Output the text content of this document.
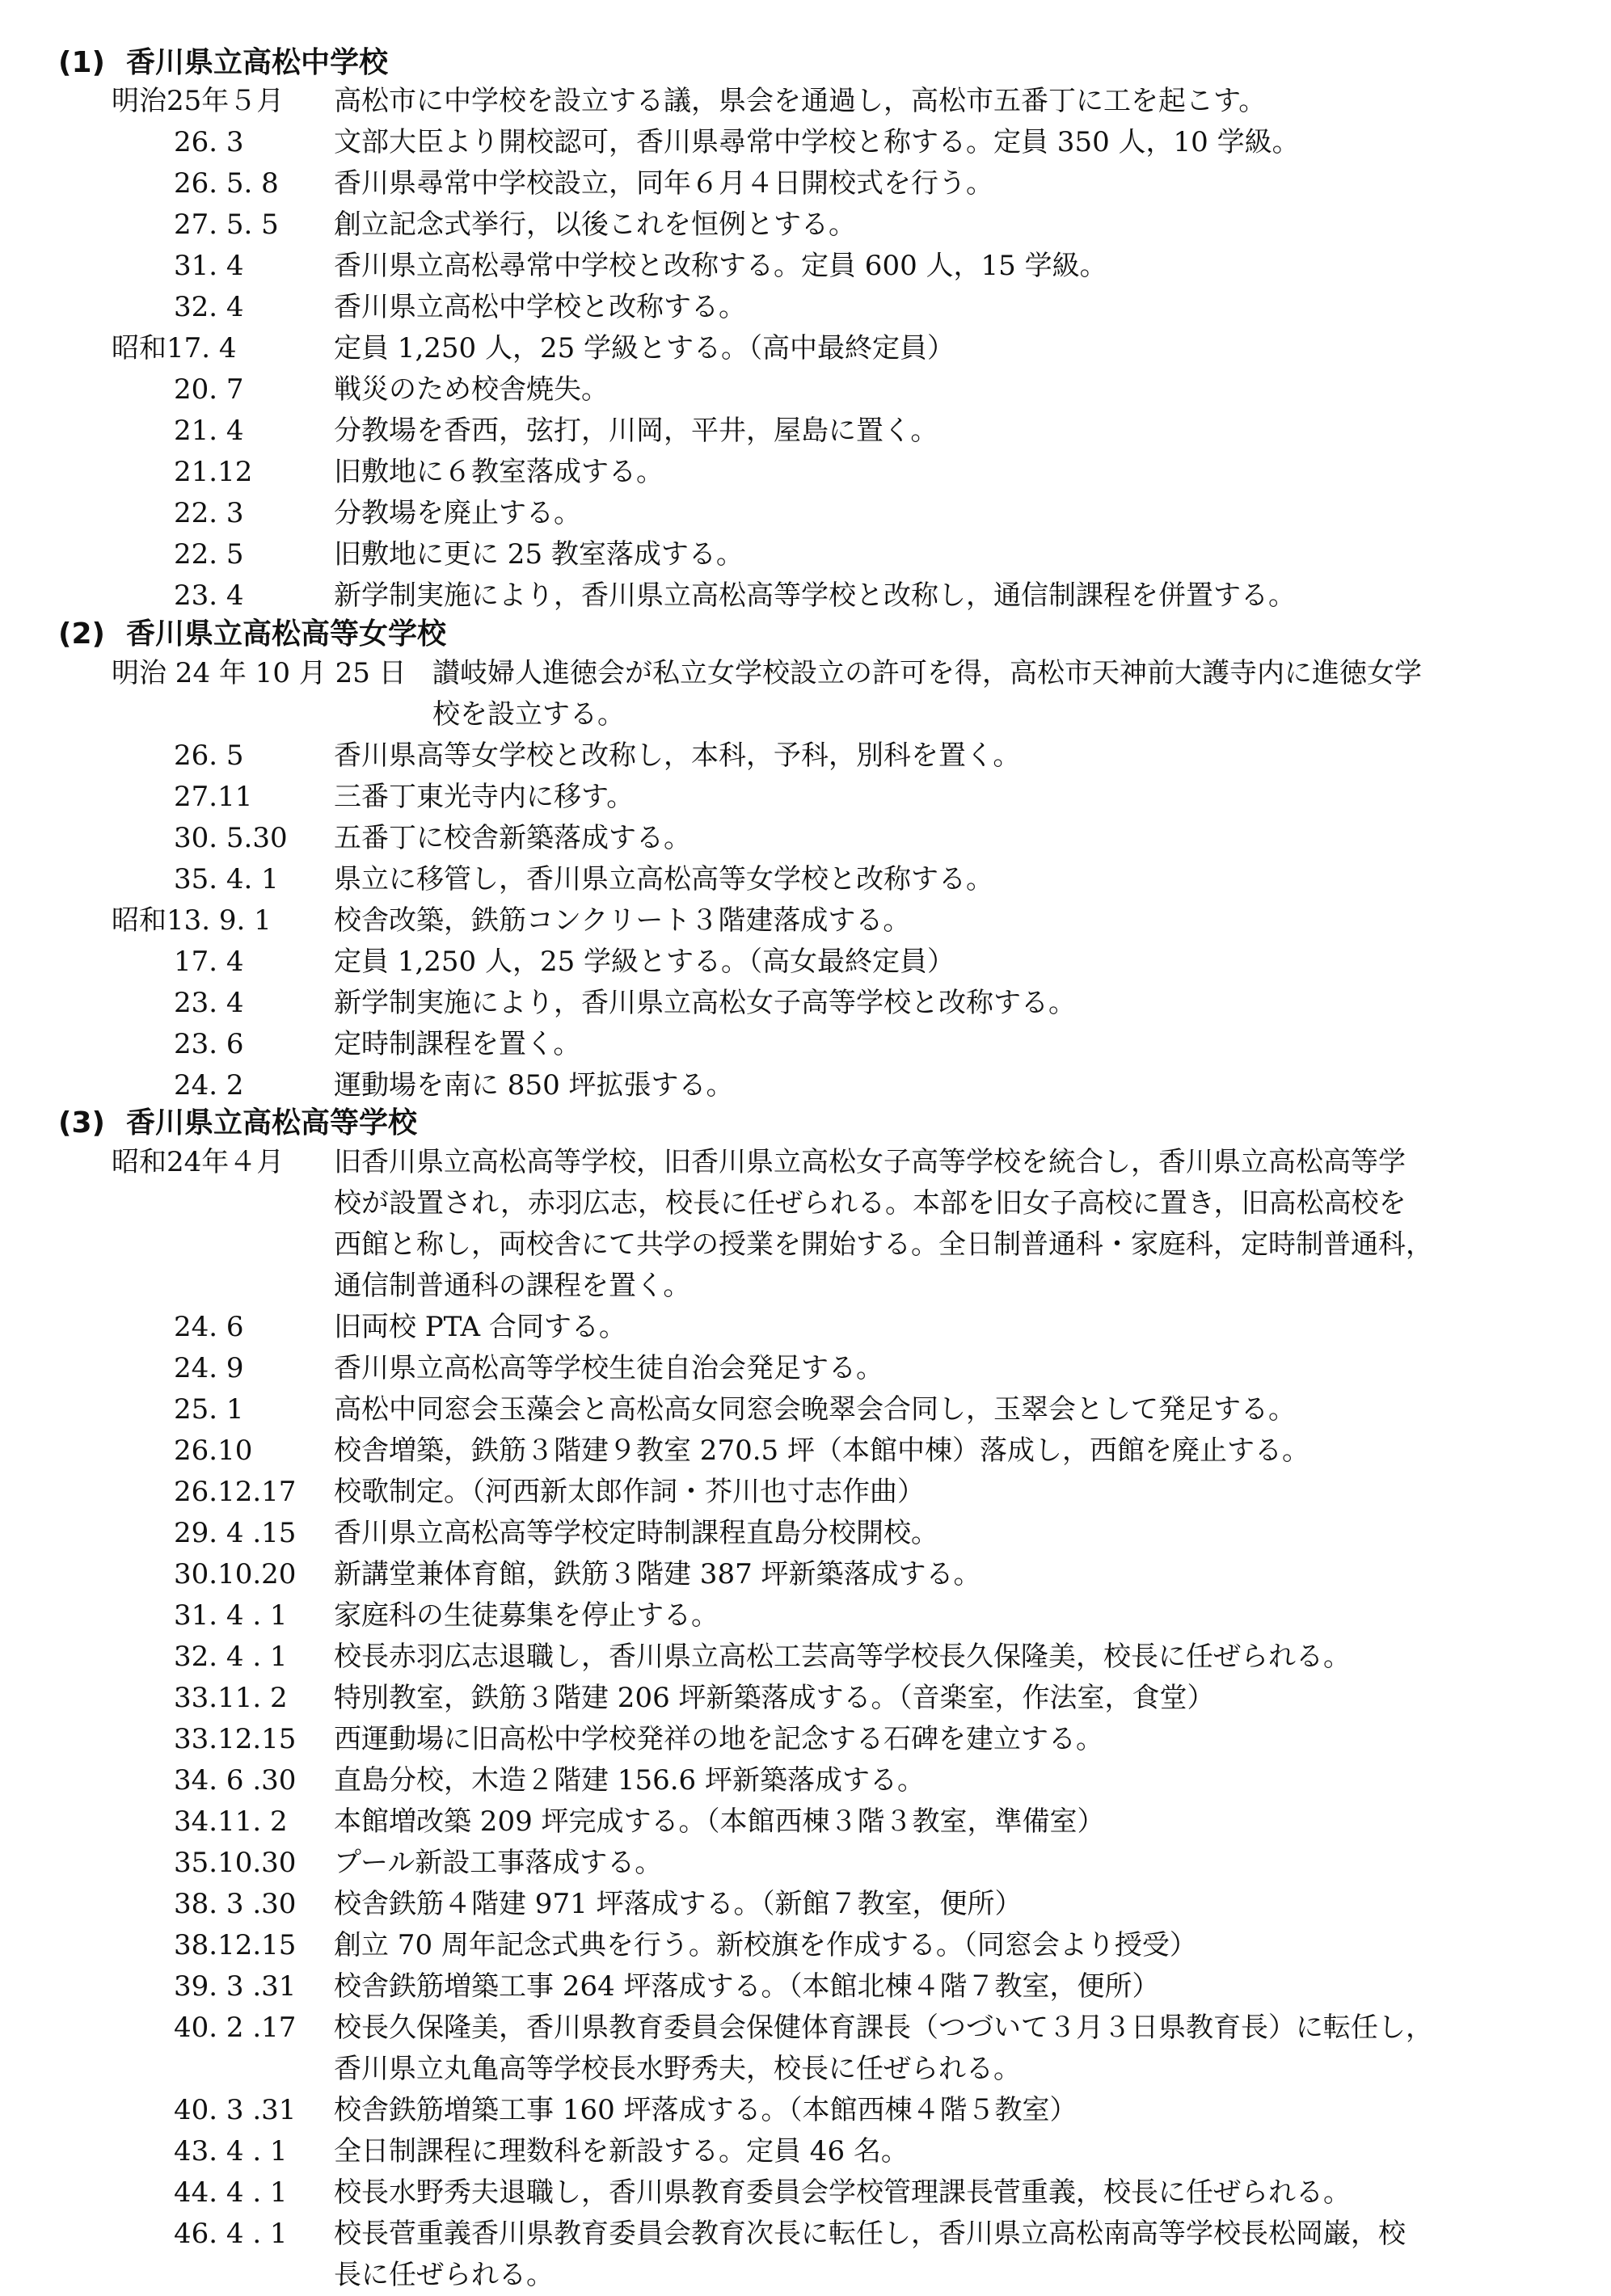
(1) 香川県立高松中学校
明治25年５月 高松市に中学校を設立する議，県会を通過し，高松市五番丁に工を起こす。
26. 3	文部大臣より開校認可，香川県尋常中学校と称する。定員 350 人，10 学級。
26. 5. 8 香川県尋常中学校設立，同年６月４日開校式を行う。
27. 5. 5 創立記念式挙行，以後これを恒例とする。
31. 4	香川県立高松尋常中学校と改称する。定員 600 人，15 学級。
32. 4	香川県立高松中学校と改称する。
昭和17. 4	定員 1,250 人，25 学級とする。（高中最終定員）
20. 7	戦災のため校舎焼失。
21. 4	分教場を香西，弦打，川岡，平井，屋島に置く。
21.12	旧敷地に６教室落成する。
22. 3	分教場を廃止する。
22. 5	旧敷地に更に 25 教室落成する。
23. 4	新学制実施により，香川県立高松高等学校と改称し，通信制課程を併置する。
(2) 香川県立高松高等女学校
明治 24 年 10 月 25 日 讃岐婦人進徳会が私立女学校設立の許可を得，高松市天神前大護寺内に進徳女学
校を設立する。
26. 5	香川県高等女学校と改称し，本科，予科，別科を置く。
27.11	三番丁東光寺内に移す。
30. 5.30 五番丁に校舎新築落成する。
35. 4. 1 県立に移管し，香川県立高松高等女学校と改称する。
昭和13. 9. 1 校舎改築，鉄筋コンクリート３階建落成する。
17. 4	定員 1,250 人，25 学級とする。（高女最終定員）
23. 4	新学制実施により，香川県立高松女子高等学校と改称する。
23. 6	定時制課程を置く。
24. 2	運動場を南に 850 坪拡張する。
(3) 香川県立高松高等学校
昭和24年４月 旧香川県立高松高等学校，旧香川県立高松女子高等学校を統合し，香川県立高松高等学
校が設置され，赤羽広志，校長に任ぜられる。本部を旧女子高校に置き，旧高松高校を
西館と称し，両校舎にて共学の授業を開始する。全日制普通科・家庭科，定時制普通科，
通信制普通科の課程を置く。
24. 6	旧両校 PTA 合同する。
24. 9	香川県立高松高等学校生徒自治会発足する。
25. 1	高松中同窓会玉藻会と高松高女同窓会晩翠会合同し，玉翠会として発足する。
26.10	校舎増築，鉄筋３階建９教室 270.5 坪（本館中棟）落成し，西館を廃止する。
26.12.17 校歌制定。（河西新太郎作詞・芥川也寸志作曲）
29. 4 .15 香川県立高松高等学校定時制課程直島分校開校。
30.10.20 新講堂兼体育館，鉄筋３階建 387 坪新築落成する。
31. 4 . 1 家庭科の生徒募集を停止する。
32. 4 . 1 校長赤羽広志退職し，香川県立高松工芸高等学校長久保隆美，校長に任ぜられる。
33.11. 2 特別教室，鉄筋３階建 206 坪新築落成する。（音楽室，作法室，食堂）
33.12.15 西運動場に旧高松中学校発祥の地を記念する石碑を建立する。
34. 6 .30 直島分校，木造２階建 156.6 坪新築落成する。
34.11. 2 本館増改築 209 坪完成する。（本館西棟３階３教室，準備室）
35.10.30 プール新設工事落成する。
38. 3 .30 校舎鉄筋４階建 971 坪落成する。（新館７教室，便所）
38.12.15 創立 70 周年記念式典を行う。新校旗を作成する。（同窓会より授受）
39. 3 .31 校舎鉄筋増築工事 264 坪落成する。（本館北棟４階７教室，便所）
40. 2 .17 校長久保隆美，香川県教育委員会保健体育課長（つづいて３月３日県教育長）に転任し，
香川県立丸亀高等学校長水野秀夫，校長に任ぜられる。
40. 3 .31 校舎鉄筋増築工事 160 坪落成する。（本館西棟４階５教室）
43. 4 . 1 全日制課程に理数科を新設する。定員 46 名。
44. 4 . 1 校長水野秀夫退職し，香川県教育委員会学校管理課長菅重義，校長に任ぜられる。
46. 4 . 1 校長菅重義香川県教育委員会教育次長に転任し，香川県立高松南高等学校長松岡巌，校
長に任ぜられる。
